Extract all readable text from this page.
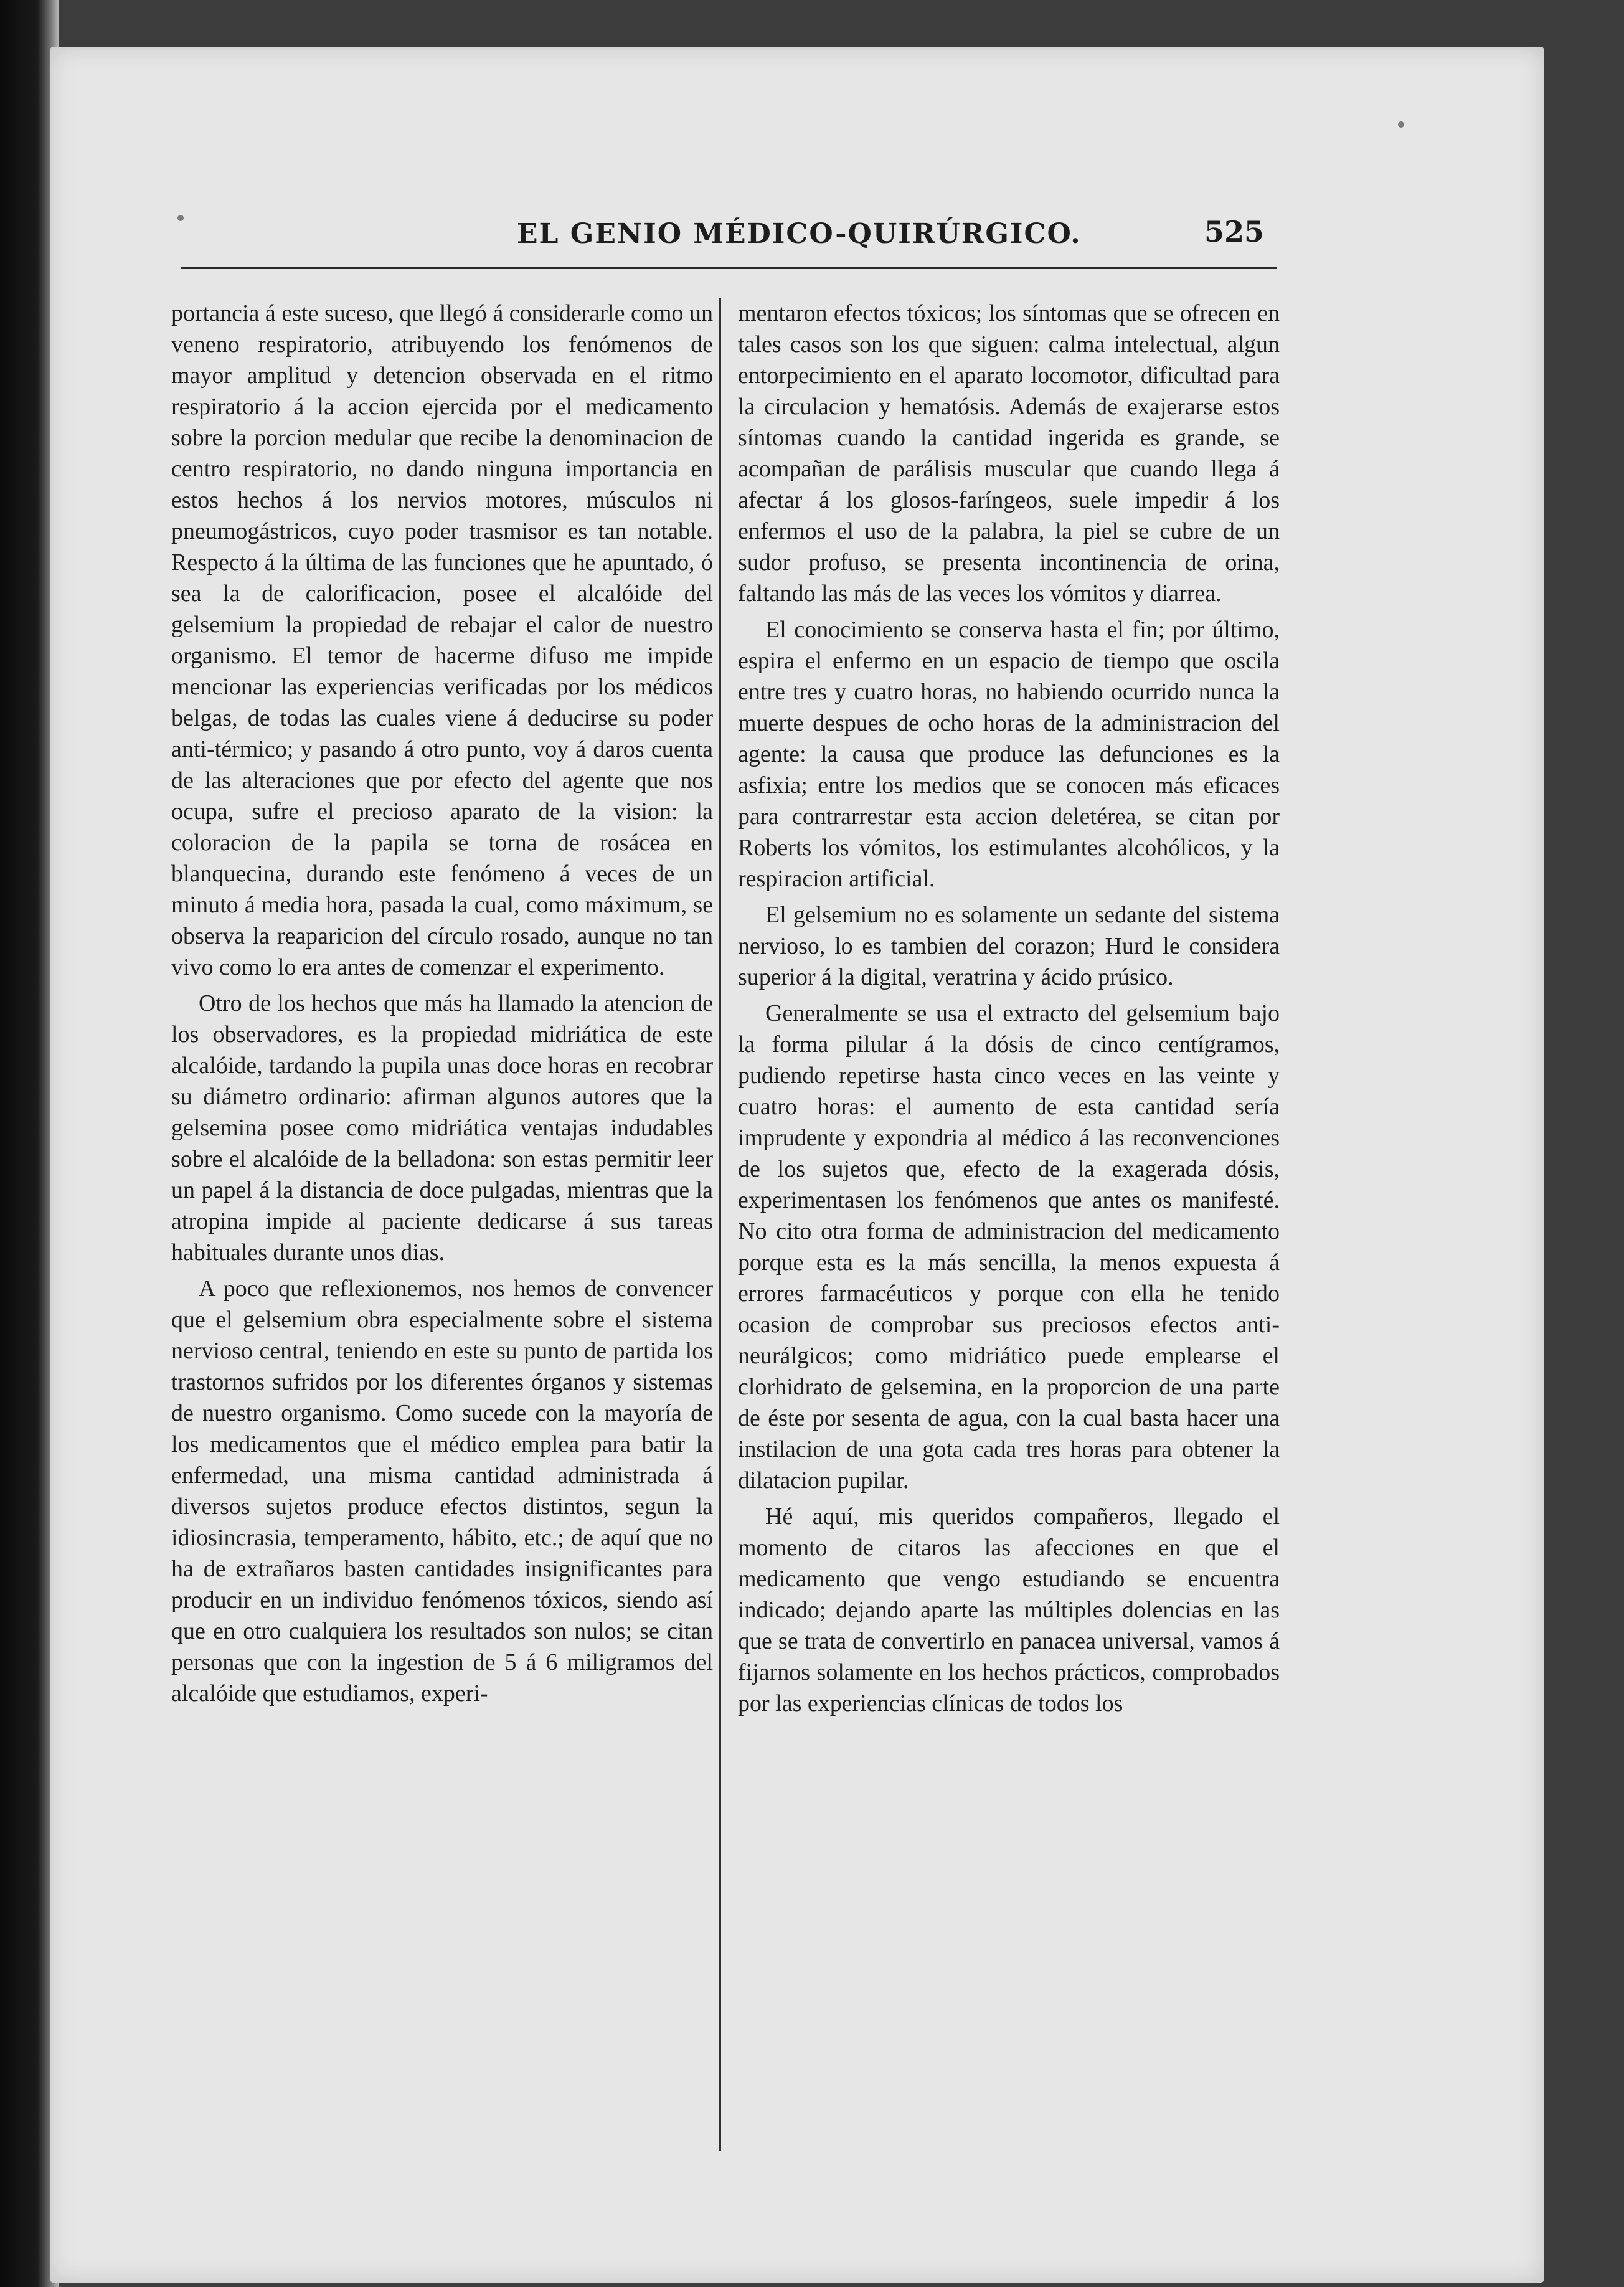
EL GENIO MÉDICO-QUIRÚRGICO.	525

portancia á este suceso, que llegó á considerarle como un veneno respiratorio, atribuyendo los fenómenos de mayor amplitud y detencion observada en el ritmo respiratorio á la accion ejercida por el medicamento sobre la porcion medular que recibe la denominacion de centro respiratorio, no dando ninguna importancia en estos hechos á los nervios motores, músculos ni pneumogástricos, cuyo poder trasmisor es tan notable. Respecto á la última de las funciones que he apuntado, ó sea la de calorificacion, posee el alcalóide del gelsemium la propiedad de rebajar el calor de nuestro organismo. El temor de hacerme difuso me impide mencionar las experiencias verificadas por los médicos belgas, de todas las cuales viene á deducirse su poder anti-térmico; y pasando á otro punto, voy á daros cuenta de las alteraciones que por efecto del agente que nos ocupa, sufre el precioso aparato de la vision: la coloracion de la papila se torna de rosácea en blanquecina, durando este fenómeno á veces de un minuto á media hora, pasada la cual, como máximum, se observa la reaparicion del círculo rosado, aunque no tan vivo como lo era antes de comenzar el experimento.

Otro de los hechos que más ha llamado la atencion de los observadores, es la propiedad midriática de este alcalóide, tardando la pupila unas doce horas en recobrar su diámetro ordinario: afirman algunos autores que la gelsemina posee como midriática ventajas indudables sobre el alcalóide de la belladona: son estas permitir leer un papel á la distancia de doce pulgadas, mientras que la atropina impide al paciente dedicarse á sus tareas habituales durante unos dias.

A poco que reflexionemos, nos hemos de convencer que el gelsemium obra especialmente sobre el sistema nervioso central, teniendo en este su punto de partida los trastornos sufridos por los diferentes órganos y sistemas de nuestro organismo. Como sucede con la mayoría de los medicamentos que el médico emplea para batir la enfermedad, una misma cantidad administrada á diversos sujetos produce efectos distintos, segun la idiosincrasia, temperamento, hábito, etc.; de aquí que no ha de extrañaros basten cantidades insignificantes para producir en un individuo fenómenos tóxicos, siendo así que en otro cualquiera los resultados son nulos; se citan personas que con la ingestion de 5 á 6 miligramos del alcalóide que estudiamos, experi-

mentaron efectos tóxicos; los síntomas que se ofrecen en tales casos son los que siguen: calma intelectual, algun entorpecimiento en el aparato locomotor, dificultad para la circulacion y hematósis. Además de exajerarse estos síntomas cuando la cantidad ingerida es grande, se acompañan de parálisis muscular que cuando llega á afectar á los glosos-faríngeos, suele impedir á los enfermos el uso de la palabra, la piel se cubre de un sudor profuso, se presenta incontinencia de orina, faltando las más de las veces los vómitos y diarrea.

El conocimiento se conserva hasta el fin; por último, espira el enfermo en un espacio de tiempo que oscila entre tres y cuatro horas, no habiendo ocurrido nunca la muerte despues de ocho horas de la administracion del agente: la causa que produce las defunciones es la asfixia; entre los medios que se conocen más eficaces para contrarrestar esta accion deletérea, se citan por Roberts los vómitos, los estimulantes alcohólicos, y la respiracion artificial.

El gelsemium no es solamente un sedante del sistema nervioso, lo es tambien del corazon; Hurd le considera superior á la digital, veratrina y ácido prúsico.

Generalmente se usa el extracto del gelsemium bajo la forma pilular á la dósis de cinco centígramos, pudiendo repetirse hasta cinco veces en las veinte y cuatro horas: el aumento de esta cantidad sería imprudente y expondria al médico á las reconvenciones de los sujetos que, efecto de la exagerada dósis, experimentasen los fenómenos que antes os manifesté. No cito otra forma de administracion del medicamento porque esta es la más sencilla, la menos expuesta á errores farmacéuticos y porque con ella he tenido ocasion de comprobar sus preciosos efectos anti-neurálgicos; como midriático puede emplearse el clorhidrato de gelsemina, en la proporcion de una parte de éste por sesenta de agua, con la cual basta hacer una instilacion de una gota cada tres horas para obtener la dilatacion pupilar.

Hé aquí, mis queridos compañeros, llegado el momento de citaros las afecciones en que el medicamento que vengo estudiando se encuentra indicado; dejando aparte las múltiples dolencias en las que se trata de convertirlo en panacea universal, vamos á fijarnos solamente en los hechos prácticos, comprobados por las experiencias clínicas de todos los
